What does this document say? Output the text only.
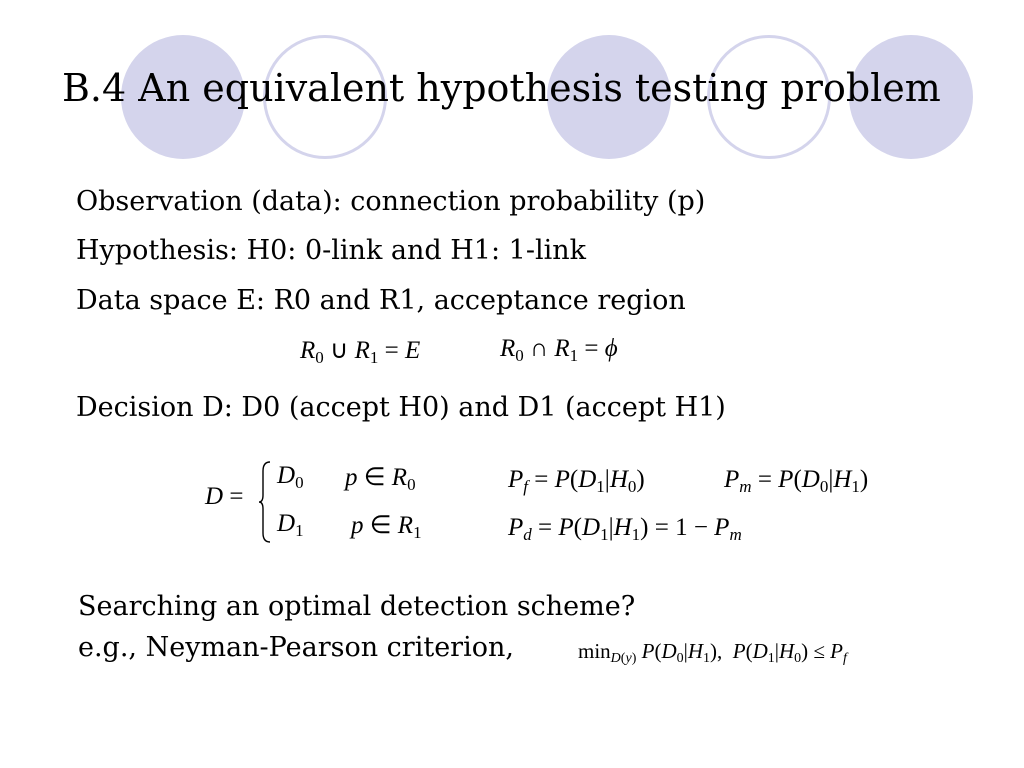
B.4 An equivalent hypothesis testing problem
Observation (data): connection probability (p)
Hypothesis: H0: 0-link and H1: 1-link
Data space E: R0 and R1, acceptance region
$R_0$ ∪ $R_1 = E$	$R_0$ ∩ $R_1 = \phi$
Decision D: D0 (accept H0) and D1 (accept H1)
D =
$D_0$ p ∈ $R_0$
$D_1$ p ∈ $R_1$
$P_f = P(D_1|H_0)$	$P_m = P(D_0|H_1)$
$P_d = P(D_1|H_1) = 1 - P_m$
Searching an optimal detection scheme?
e.g., Neyman-Pearson criterion,	$\min_{D(y)} P(D_0|H_1)$,  $P(D_1|H_0) \le P_f$
